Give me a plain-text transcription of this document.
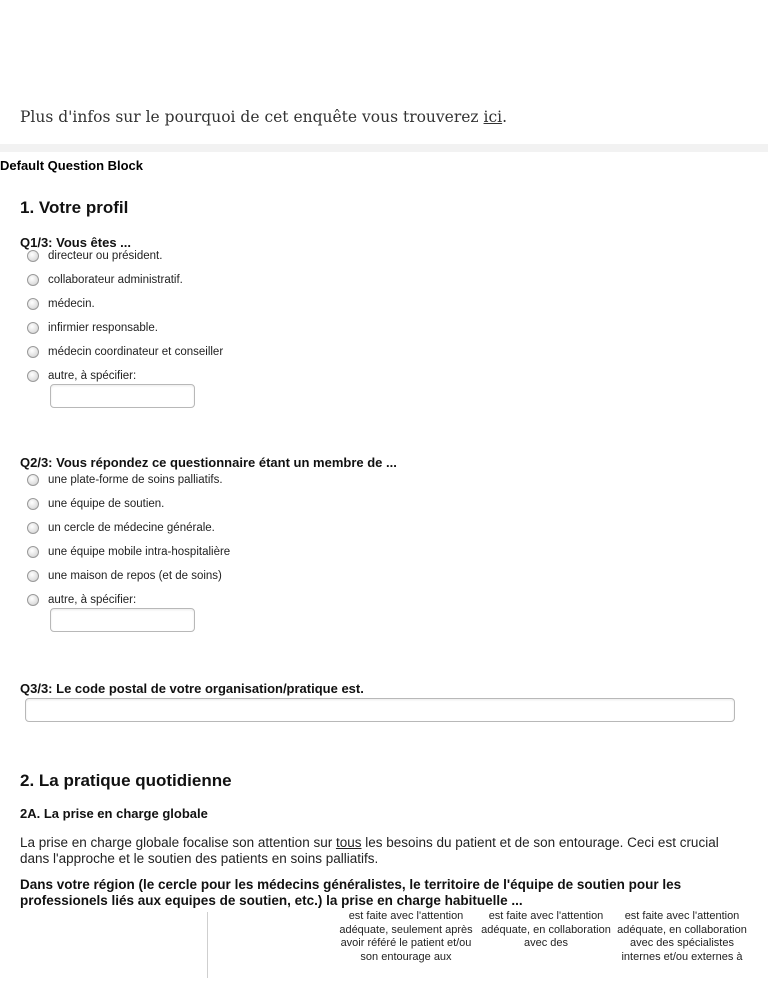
Plus d'infos sur le pourquoi de cet enquête vous trouverez ici.
Default Question Block
1. Votre profil
Q1/3: Vous êtes ...
directeur ou président.
collaborateur administratif.
médecin.
infirmier responsable.
médecin coordinateur et conseiller
autre, à spécifier:
Q2/3: Vous répondez ce questionnaire étant un membre de ...
une plate-forme de soins palliatifs.
une équipe de soutien.
un cercle de médecine générale.
une équipe mobile intra-hospitalière
une maison de repos (et de soins)
autre, à spécifier:
Q3/3: Le code postal de votre organisation/pratique est.
2. La pratique quotidienne
2A. La prise en charge globale
La prise en charge globale focalise son attention sur tous les besoins du patient et de son entourage. Ceci est crucial dans l'approche et le soutien des patients en soins palliatifs.
Dans votre région (le cercle pour les médecins généralistes, le territoire de l'équipe de soutien pour les professionels liés aux equipes de soutien, etc.) la prise en charge habituelle ...
est faite avec l'attention adéquate, seulement après avoir référé le patient et/ou son entourage aux
est faite avec l'attention adéquate, en collaboration avec des
est faite avec l'attention adéquate, en collaboration avec des spécialistes internes et/ou externes à
